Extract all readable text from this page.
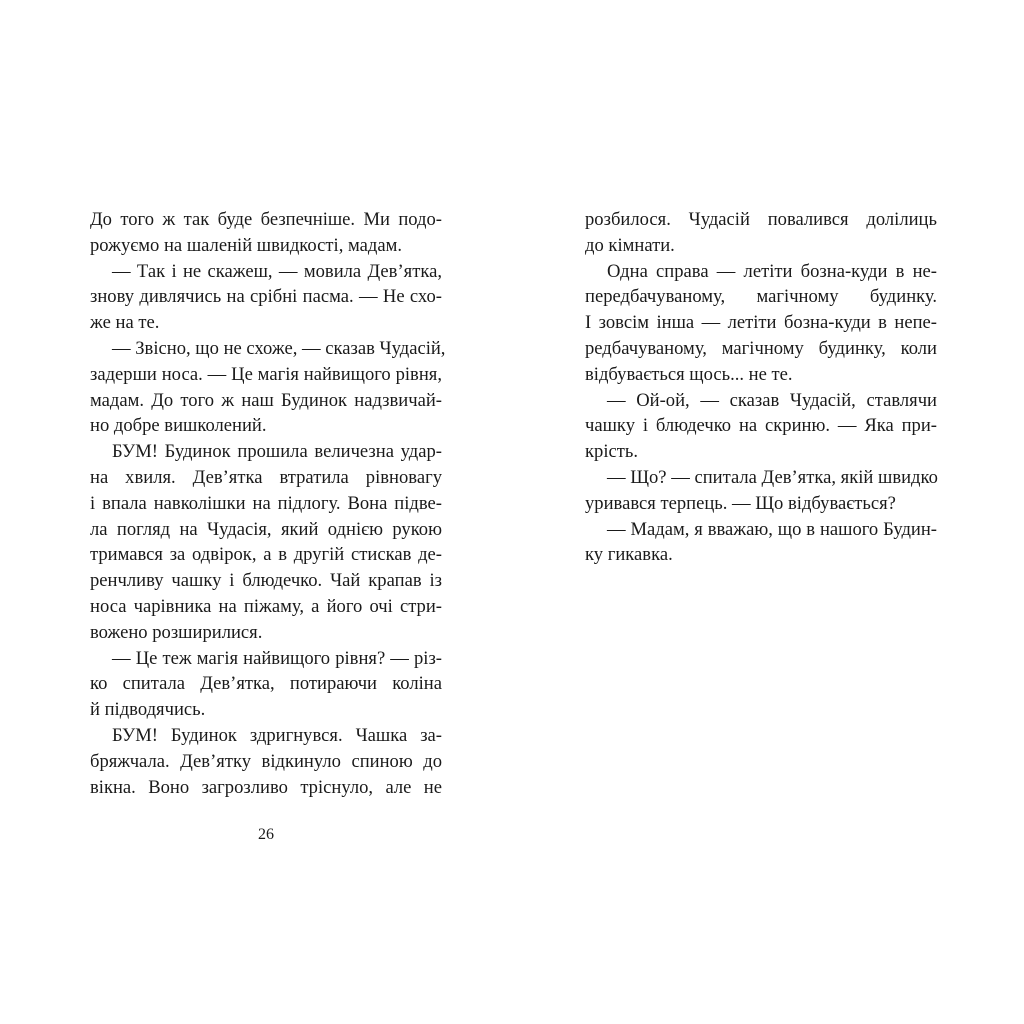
До того ж так буде безпечніше. Ми подо-
рожуємо на шаленій швидкості, мадам.
— Так і не скажеш, — мовила Дев’ятка,
знову дивлячись на срібні пасма. — Не схо-
же на те.
— Звісно, що не схоже, — сказав Чудасій,
задерши носа. — Це магія найвищого рівня,
мадам. До того ж наш Будинок надзвичай-
но добре вишколений.
БУМ! Будинок прошила величезна удар-
на хвиля. Дев’ятка втратила рівновагу
і впала навколішки на підлогу. Вона підве-
ла погляд на Чудасія, який однією рукою
тримався за одвірок, а в другій стискав де-
ренчливу чашку і блюдечко. Чай крапав із
носа чарівника на піжаму, а його очі стри-
вожено розширилися.
— Це теж магія найвищого рівня? — різ-
ко спитала Дев’ятка, потираючи коліна
й підводячись.
БУМ! Будинок здригнувся. Чашка за-
бряжчала. Дев’ятку відкинуло спиною до
вікна. Воно загрозливо тріснуло, але не
розбилося. Чудасій повалився долілиць
до кімнати.
Одна справа — летіти бозна-куди в не-
передбачуваному, магічному будинку.
І зовсім інша — летіти бозна-куди в непе-
редбачуваному, магічному будинку, коли
відбувається щось... не те.
— Ой-ой, — сказав Чудасій, ставлячи
чашку і блюдечко на скриню. — Яка при-
крість.
— Що? — спитала Дев’ятка, якій швидко
уривався терпець. — Що відбувається?
— Мадам, я вважаю, що в нашого Будин-
ку гикавка.
26
